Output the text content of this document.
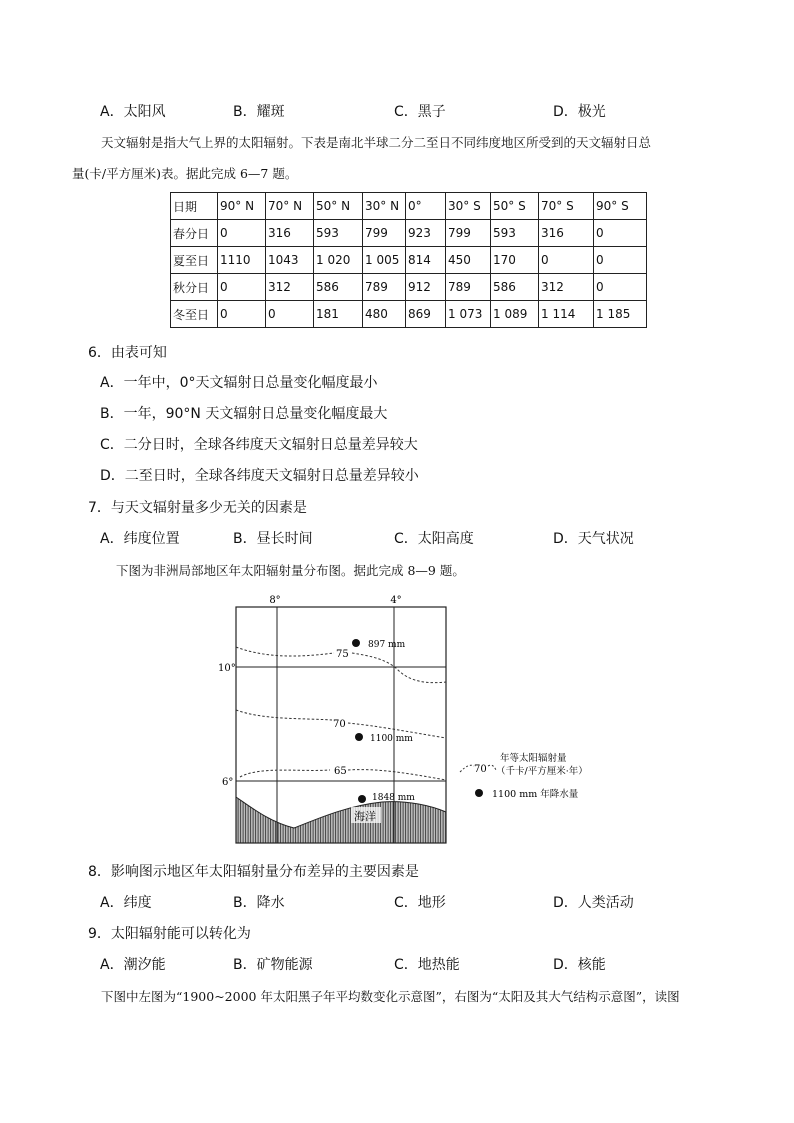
A．太阳风	B．耀斑	C．黑子	D．极光
天文辐射是指大气上界的太阳辐射。下表是南北半球二分二至日不同纬度地区所受到的天文辐射日总
量(卡/平方厘米)表。据此完成 6—7 题。
日期	90° N	70° N	50° N	30° N	0°	30° S	50° S	70° S	90° S
春分日	0	316	593	799	923	799	593	316	0
夏至日	1110	1043	1 020	1 005	814	450	170	0	0
秋分日	0	312	586	789	912	789	586	312	0
冬至日	0	0	181	480	869	1 073	1 089	1 114	1 185
6．由表可知
A．一年中，0°天文辐射日总量变化幅度最小
B．一年，90°N 天文辐射日总量变化幅度最大
C．二分日时，全球各纬度天文辐射日总量差异较大
D．二至日时，全球各纬度天文辐射日总量差异较小
7．与天文辐射量多少无关的因素是
A．纬度位置	B．昼长时间	C．太阳高度	D．天气状况
下图为非洲局部地区年太阳辐射量分布图。据此完成 8—9 题。
8°	4°
10°
6°
75
70
65
897 mm
1100 mm
1848 mm
海洋
70
年等太阳辐射量
（千卡/平方厘米·年）
1100 mm 年降水量
8．影响图示地区年太阳辐射量分布差异的主要因素是
A．纬度	B．降水	C．地形	D．人类活动
9．太阳辐射能可以转化为
A．潮汐能	B．矿物能源	C．地热能	D．核能
下图中左图为“1900~2000 年太阳黑子年平均数变化示意图”，右图为“太阳及其大气结构示意图”，读图
